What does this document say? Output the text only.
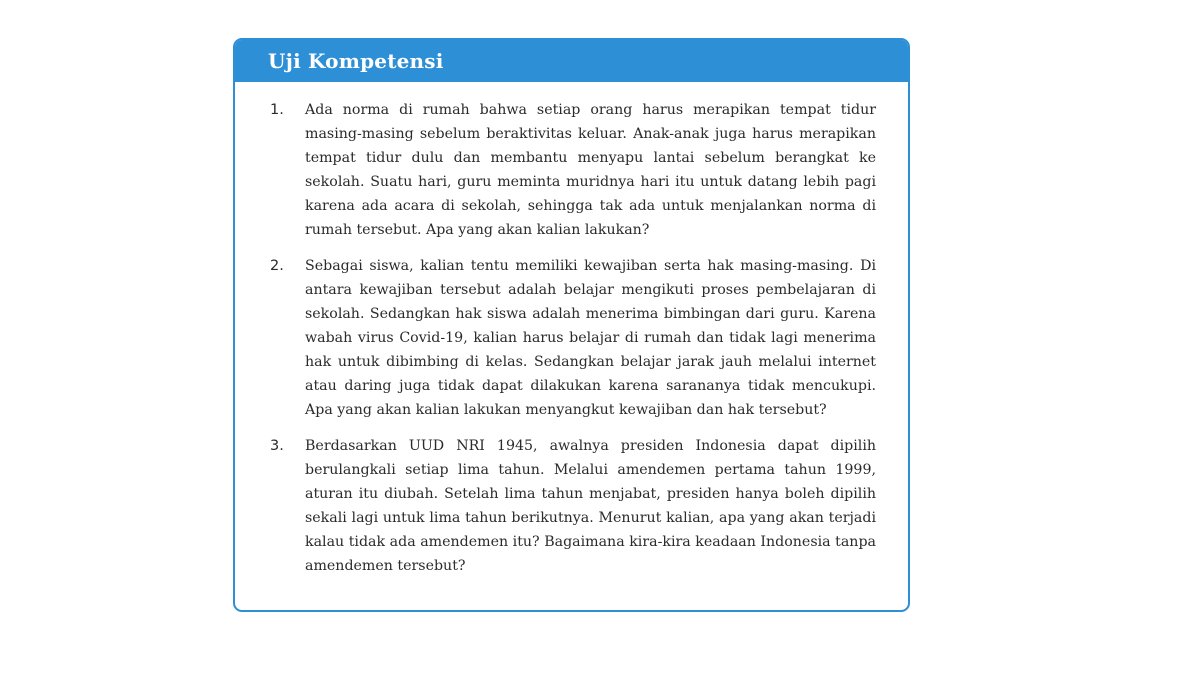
Uji Kompetensi
1. Ada norma di rumah bahwa setiap orang harus merapikan tempat tidur masing-masing sebelum beraktivitas keluar. Anak-anak juga harus merapikan tempat tidur dulu dan membantu menyapu lantai sebelum berangkat ke sekolah. Suatu hari, guru meminta muridnya hari itu untuk datang lebih pagi karena ada acara di sekolah, sehingga tak ada untuk menjalankan norma di rumah tersebut. Apa yang akan kalian lakukan?
2. Sebagai siswa, kalian tentu memiliki kewajiban serta hak masing-masing. Di antara kewajiban tersebut adalah belajar mengikuti proses pembelajaran di sekolah. Sedangkan hak siswa adalah menerima bimbingan dari guru. Karena wabah virus Covid-19, kalian harus belajar di rumah dan tidak lagi menerima hak untuk dibimbing di kelas. Sedangkan belajar jarak jauh melalui internet atau daring juga tidak dapat dilakukan karena sarananya tidak mencukupi. Apa yang akan kalian lakukan menyangkut kewajiban dan hak tersebut?
3. Berdasarkan UUD NRI 1945, awalnya presiden Indonesia dapat dipilih berulangkali setiap lima tahun. Melalui amendemen pertama tahun 1999, aturan itu diubah. Setelah lima tahun menjabat, presiden hanya boleh dipilih sekali lagi untuk lima tahun berikutnya. Menurut kalian, apa yang akan terjadi kalau tidak ada amendemen itu? Bagaimana kira-kira keadaan Indonesia tanpa amendemen tersebut?
